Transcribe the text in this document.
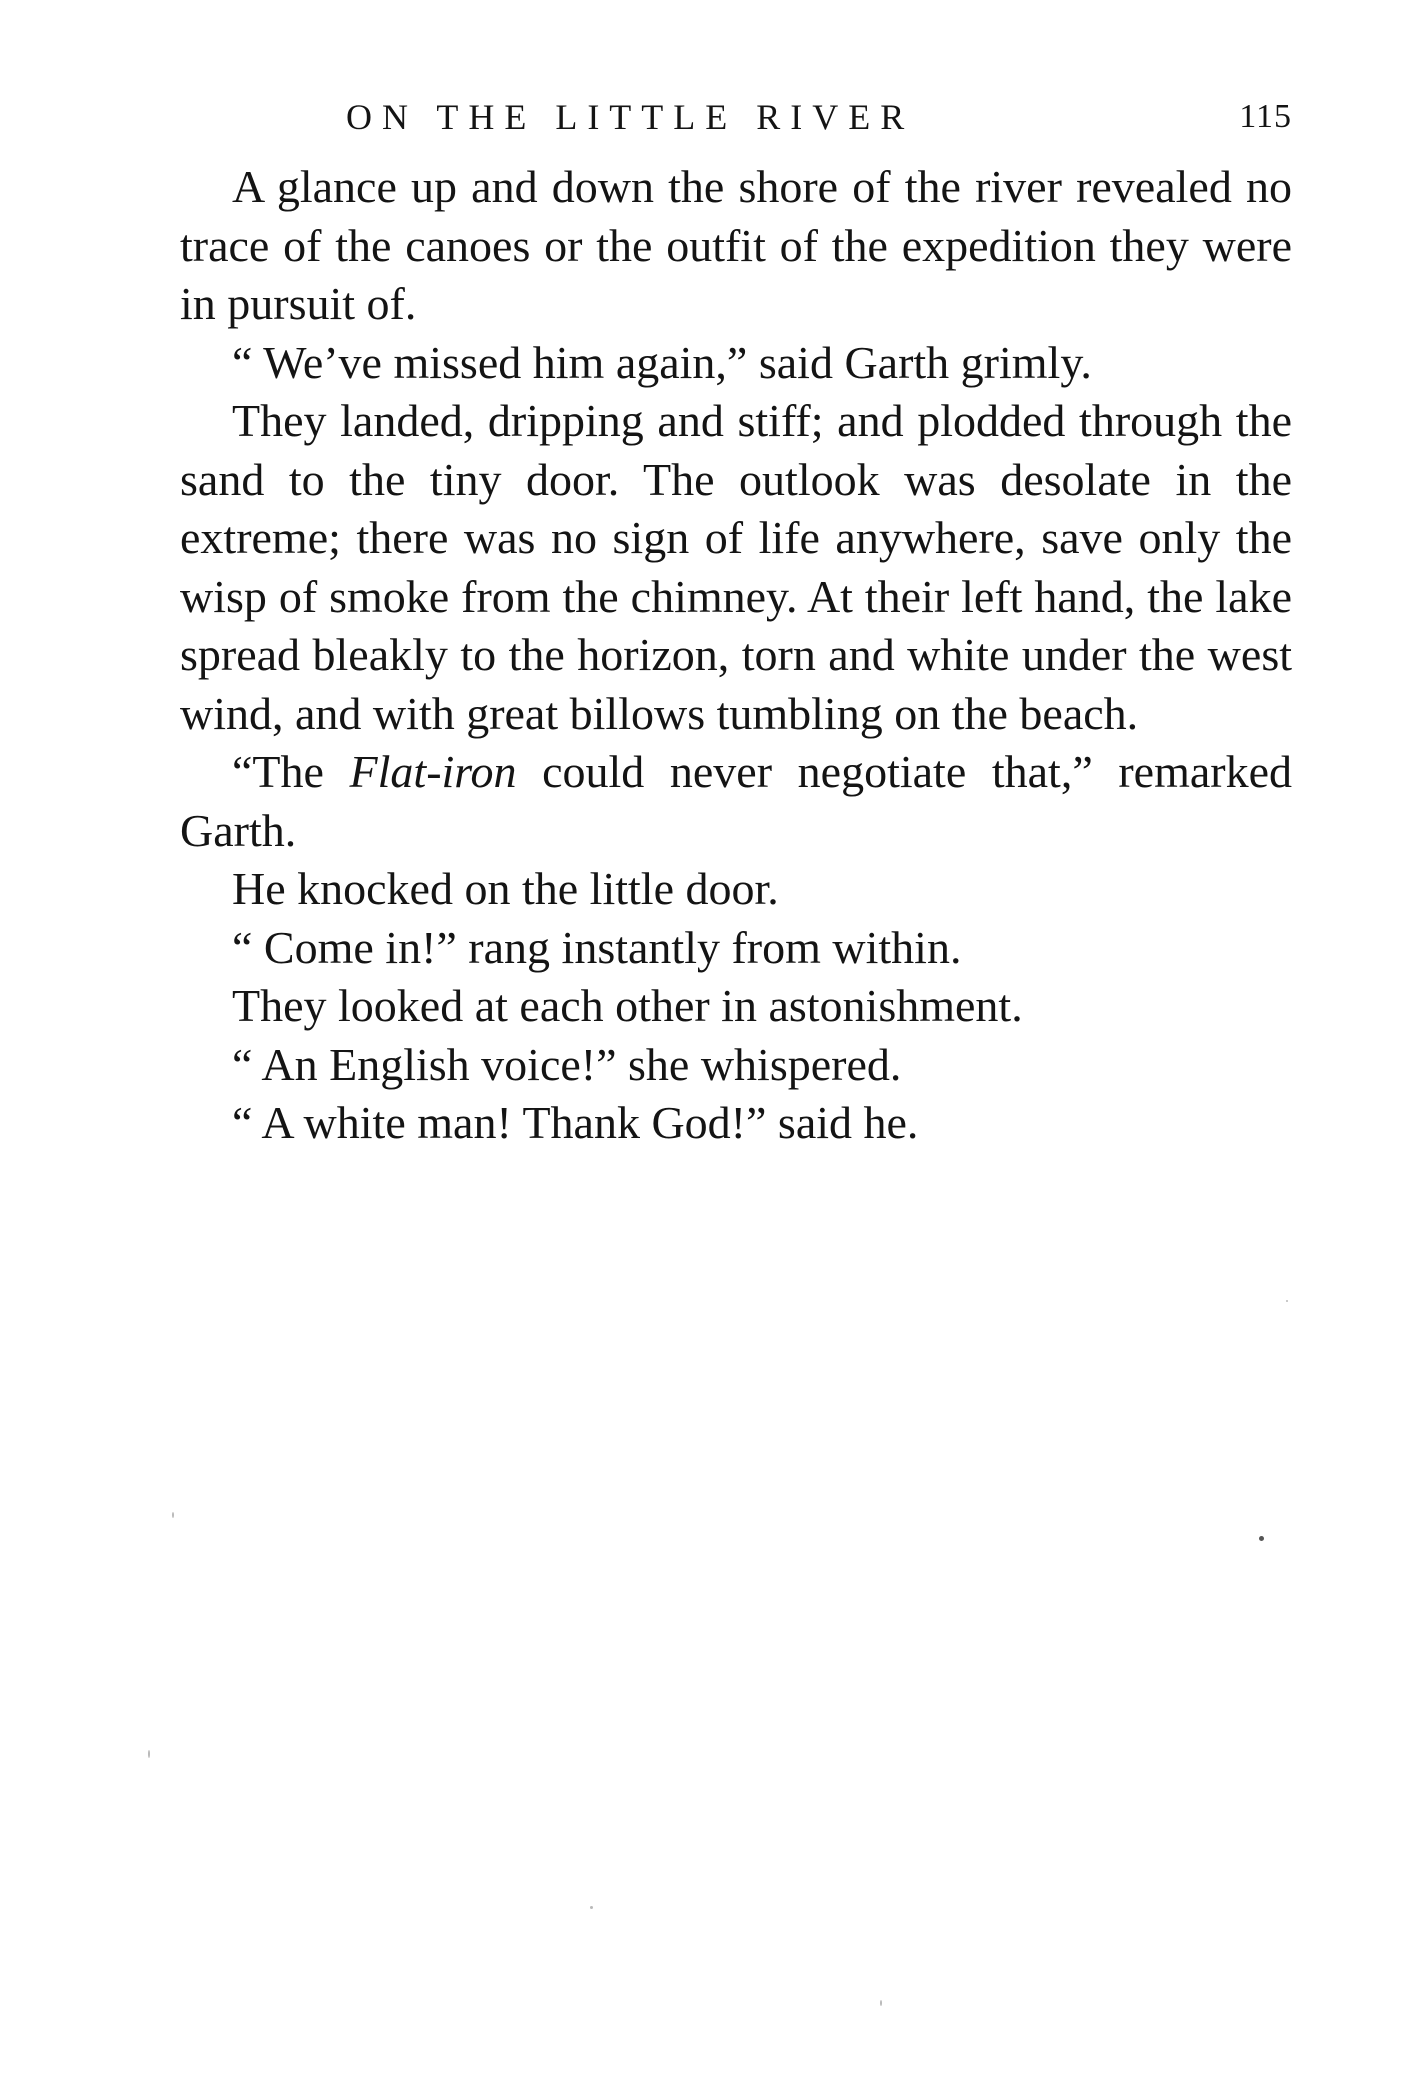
ON THE LITTLE RIVER	115

A glance up and down the shore of the river revealed no trace of the canoes or the outfit of the expedition they were in pursuit of.

“ We’ve missed him again,” said Garth grimly.

They landed, dripping and stiff; and plodded through the sand to the tiny door. The outlook was desolate in the extreme; there was no sign of life anywhere, save only the wisp of smoke from the chimney. At their left hand, the lake spread bleakly to the horizon, torn and white under the west wind, and with great billows tumbling on the beach.

“The Flat-iron could never negotiate that,” remarked Garth.

He knocked on the little door.

“ Come in!” rang instantly from within.

They looked at each other in astonishment.

“ An English voice!” she whispered.

“ A white man! Thank God!” said he.
